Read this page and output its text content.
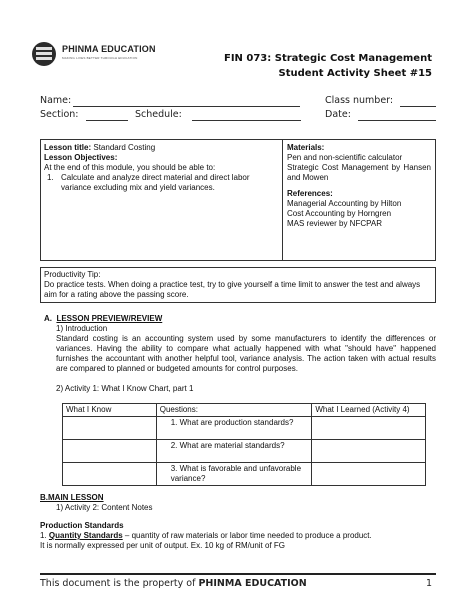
PHINMA EDUCATION
MAKING LIVES BETTER THROUGH EDUCATION	FIN 073: Strategic Cost Management
Student Activity Sheet #15
Name:	Class number:
Section:	Schedule:	Date:
Lesson title: Standard Costing
Lesson Objectives:
At the end of this module, you should be able to:
1. Calculate and analyze direct material and direct labor variance excluding mix and yield variances.
Materials:
Pen and non-scientific calculator
Strategic Cost Management by Hansen and Mowen
References:
Managerial Accounting by Hilton
Cost Accounting by Horngren
MAS reviewer by NFCPAR
Productivity Tip:
Do practice tests. When doing a practice test, try to give yourself a time limit to answer the test and always aim for a rating above the passing score.
A. LESSON PREVIEW/REVIEW
1) Introduction
Standard costing is an accounting system used by some manufacturers to identify the differences or variances. Having the ability to compare what actually happened with what "should have" happened furnishes the accountant with another helpful tool, variance analysis. The action taken with actual results are compared to planned or budgeted amounts for control purposes.
2) Activity 1: What I Know Chart, part 1
What I Know	Questions:	What I Learned (Activity 4)
	1. What are production standards?	
	2. What are material standards?	
	3. What is favorable and unfavorable variance?	
B.MAIN LESSON
1) Activity 2: Content Notes
Production Standards
1. Quantity Standards – quantity of raw materials or labor time needed to produce a product.
It is normally expressed per unit of output. Ex. 10 kg of RM/unit of FG
This document is the property of PHINMA EDUCATION	1
